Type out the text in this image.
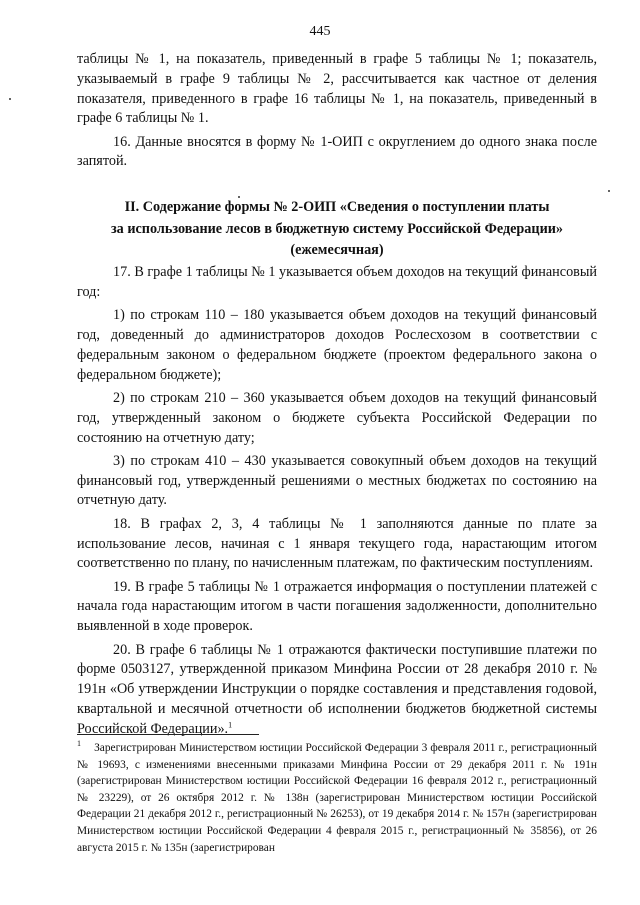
445

таблицы № 1, на показатель, приведенный в графе 5 таблицы № 1; показатель, указываемый в графе 9 таблицы № 2, рассчитывается как частное от деления показателя, приведенного в графе 16 таблицы № 1, на показатель, приведенный в графе 6 таблицы № 1.

16. Данные вносятся в форму № 1-ОИП с округлением до одного знака после запятой.

II. Содержание формы № 2-ОИП «Сведения о поступлении платы

за использование лесов в бюджетную систему Российской Федерации»

(ежемесячная)

17. В графе 1 таблицы № 1 указывается объем доходов на текущий финансовый год:

1) по строкам 110 – 180 указывается объем доходов на текущий финансовый год, доведенный до администраторов доходов Рослесхозом в соответствии с федеральным законом о федеральном бюджете (проектом федерального закона о федеральном бюджете);

2) по строкам 210 – 360 указывается объем доходов на текущий финансовый год, утвержденный законом о бюджете субъекта Российской Федерации по состоянию на отчетную дату;

3) по строкам 410 – 430 указывается совокупный объем доходов на текущий финансовый год, утвержденный решениями о местных бюджетах по состоянию на отчетную дату.

18. В графах 2, 3, 4 таблицы № 1 заполняются данные по плате за использование лесов, начиная с 1 января текущего года, нарастающим итогом соответственно по плану, по начисленным платежам, по фактическим поступлениям.

19. В графе 5 таблицы № 1 отражается информация о поступлении платежей с начала года нарастающим итогом в части погашения задолженности, дополнительно выявленной в ходе проверок.

20. В графе 6 таблицы № 1 отражаются фактически поступившие платежи по форме 0503127, утвержденной приказом Минфина России от 28 декабря 2010 г. № 191н «Об утверждении Инструкции о порядке составления и представления годовой, квартальной и месячной отчетности об исполнении бюджетов бюджетной системы Российской Федерации».$^1$

1 Зарегистрирован Министерством юстиции Российской Федерации 3 февраля 2011 г., регистрационный № 19693, с изменениями внесенными приказами Минфина России от 29 декабря 2011 г. № 191н (зарегистрирован Министерством юстиции Российской Федерации 16 февраля 2012 г., регистрационный № 23229), от 26 октября 2012 г. № 138н (зарегистрирован Министерством юстиции Российской Федерации 21 декабря 2012 г., регистрационный № 26253), от 19 декабря 2014 г. № 157н (зарегистрирован Министерством юстиции Российской Федерации 4 февраля 2015 г., регистрационный № 35856), от 26 августа 2015 г. № 135н (зарегистрирован
